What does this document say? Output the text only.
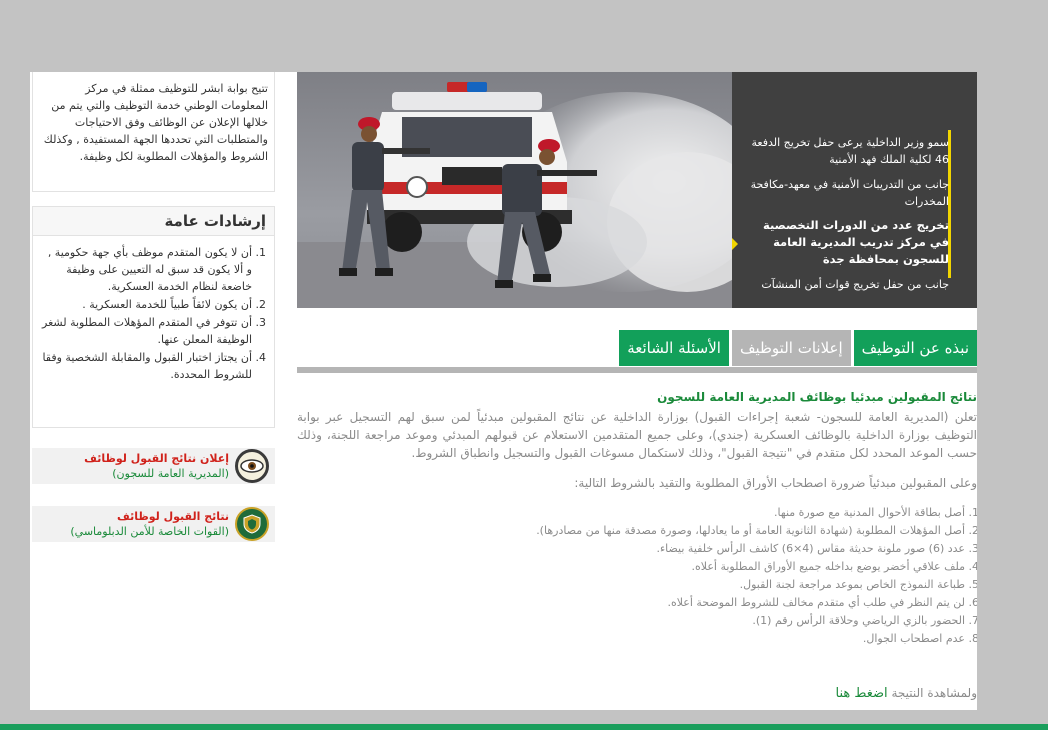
تتيح بوابة ابشر للتوظيف ممثلة في مركز المعلومات الوطني خدمة التوظيف والتي يتم من خلالها الإعلان عن الوظائف وفق الاحتياجات والمتطلبات التي تحددها الجهة المستفيدة , وكذلك الشروط والمؤهلات المطلوبة لكل وظيفة.
إرشادات عامة
1. أن لا يكون المتقدم موظف بأي جهة حكومية , و ألا يكون قد سبق له التعيين على وظيفة خاضعة لنظام الخدمة العسكرية.
2. أن يكون لائقاً طبياً للخدمة العسكرية .
3. أن تتوفر في المتقدم المؤهلات المطلوبة لشغر الوظيفة المعلن عنها.
4. أن يجتاز اختبار القبول والمقابلة الشخصية وفقا للشروط المحددة.
إعلان نتائج القبول لوظائف
(المديرية العامة للسجون)
نتائج القبول لوظائف
(القوات الخاصة للأمن الدبلوماسي)
سمو وزير الداخلية يرعى حفل تخريج الدفعة 46 لكلية الملك فهد الأمنية
جانب من التدريبات الأمنية في معهد-مكافحة المخدرات
تخريج عدد من الدورات التخصصية في مركز تدريب المديرية العامة للسجون بمحافظة جدة
جانب من حفل تخريج قوات أمن المنشآت
نبذه عن التوظيف
إعلانات التوظيف
الأسئلة الشائعة
نتائج المقبولين مبدئيا بوظائف المديرية العامة للسجون
تعلن (المديرية العامة للسجون- شعبة إجراءات القبول) بوزارة الداخلية عن نتائج المقبولين مبدئياً لمن سبق لهم التسجيل عبر بوابة التوظيف بوزارة الداخلية بالوظائف العسكرية (جندي)، وعلى جميع المتقدمين الاستعلام عن قبولهم المبدئي وموعد مراجعة اللجنة، وذلك حسب الموعد المحدد لكل متقدم في "نتيجة القبول"، وذلك لاستكمال مسوغات القبول والتسجيل وانطباق الشروط.
وعلى المقبولين مبدئياً ضرورة اصطحاب الأوراق المطلوبة والتقيد بالشروط التالية:
1. أصل بطاقة الأحوال المدنية مع صورة منها.
2. أصل المؤهلات المطلوبة (شهادة الثانوية العامة أو ما يعادلها، وصورة مصدقة منها من مصادرها).
3. عدد (6) صور ملونة حديثة مقاس (4×6) كاشف الرأس خلفية بيضاء.
4. ملف علاقي أخضر يوضع بداخله جميع الأوراق المطلوبة أعلاه.
5. طباعة النموذج الخاص بموعد مراجعة لجنة القبول.
6. لن يتم النظر في طلب أي متقدم مخالف للشروط الموضحة أعلاه.
7. الحضور بالزي الرياضي وحلاقة الرأس رقم (1).
8. عدم اصطحاب الجوال.
ولمشاهدة النتيجة اضغط هنا
